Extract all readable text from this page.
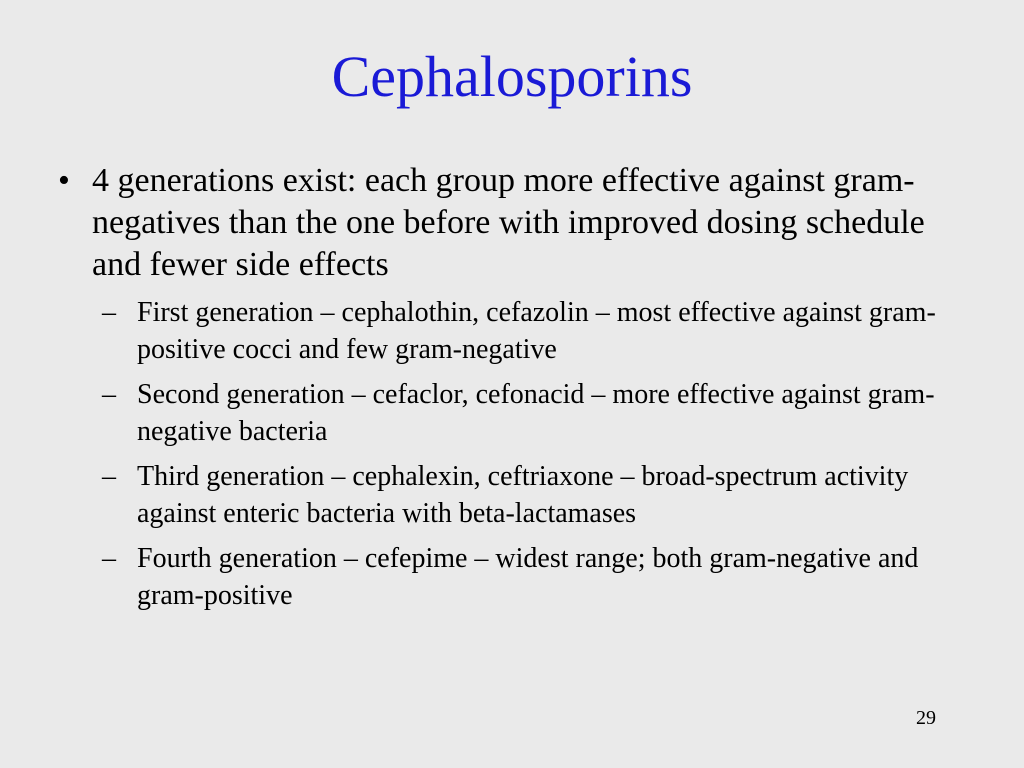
Cephalosporins
• 4 generations exist: each group more effective against gram-negatives than the one before with improved dosing schedule and fewer side effects
– First generation – cephalothin, cefazolin – most effective against gram-positive cocci and few gram-negative
– Second generation – cefaclor, cefonacid – more effective against gram-negative bacteria
– Third generation – cephalexin, ceftriaxone – broad-spectrum activity against enteric bacteria with beta-lactamases
– Fourth generation – cefepime – widest range; both gram-negative and gram-positive
29
